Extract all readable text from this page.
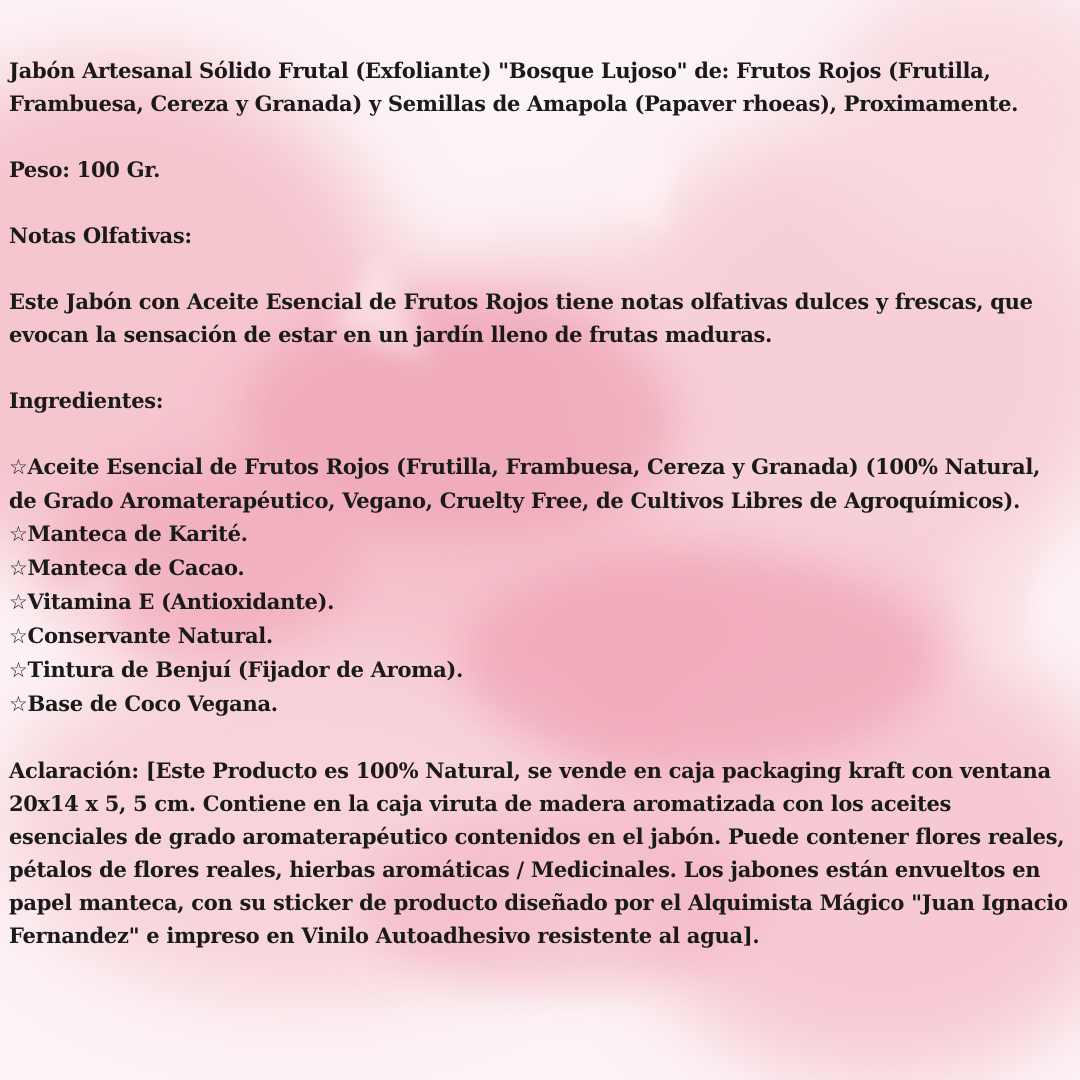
Jabón Artesanal Sólido Frutal (Exfoliante) "Bosque Lujoso" de: Frutos Rojos (Frutilla, Frambuesa, Cereza y Granada) y Semillas de Amapola (Papaver rhoeas), Proximamente.

Peso: 100 Gr.

Notas Olfativas:

Este Jabón con Aceite Esencial de Frutos Rojos tiene notas olfativas dulces y frescas, que evocan la sensación de estar en un jardín lleno de frutas maduras.

Ingredientes:

☆Aceite Esencial de Frutos Rojos (Frutilla, Frambuesa, Cereza y Granada) (100% Natural, de Grado Aromaterapéutico, Vegano, Cruelty Free, de Cultivos Libres de Agroquímicos).
☆Manteca de Karité.
☆Manteca de Cacao.
☆Vitamina E (Antioxidante).
☆Conservante Natural.
☆Tintura de Benjuí (Fijador de Aroma).
☆Base de Coco Vegana.

Aclaración: [Este Producto es 100% Natural, se vende en caja packaging kraft con ventana 20x14 x 5, 5 cm. Contiene en la caja viruta de madera aromatizada con los aceites esenciales de grado aromaterapéutico contenidos en el jabón. Puede contener flores reales, pétalos de flores reales, hierbas aromáticas / Medicinales. Los jabones están envueltos en papel manteca, con su sticker de producto diseñado por el Alquimista Mágico "Juan Ignacio Fernandez" e impreso en Vinilo Autoadhesivo resistente al agua].
